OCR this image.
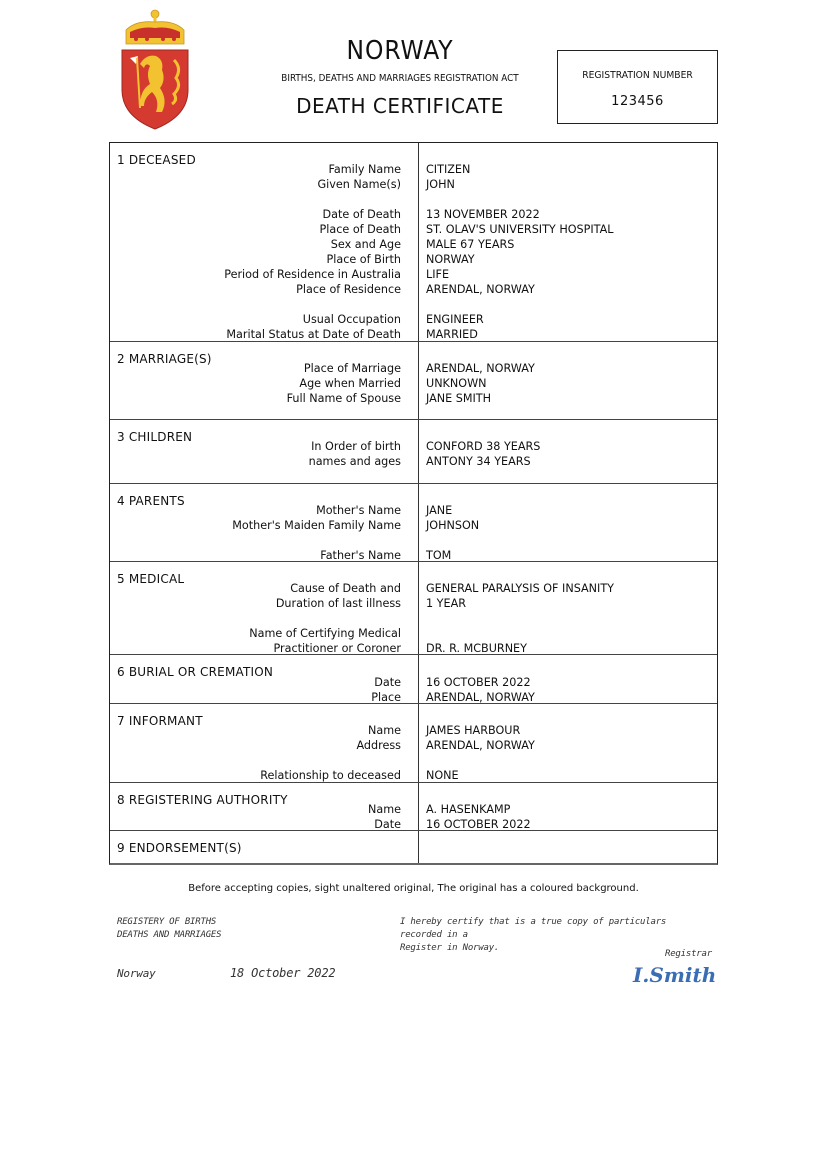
NORWAY
BIRTHS, DEATHS AND MARRIAGES REGISTRATION ACT
DEATH CERTIFICATE
REGISTRATION NUMBER
123456
1 DECEASED
Family Name	CITIZEN
Given Name(s)	JOHN
Date of Death	13 NOVEMBER 2022
Place of Death	ST. OLAV'S UNIVERSITY HOSPITAL
Sex and Age	MALE 67 YEARS
Place of Birth	NORWAY
Period of Residence in Australia	LIFE
Place of Residence	ARENDAL, NORWAY
Usual Occupation	ENGINEER
Marital Status at Date of Death	MARRIED
2 MARRIAGE(S)
Place of Marriage	ARENDAL, NORWAY
Age when Married	UNKNOWN
Full Name of Spouse	JANE SMITH
3 CHILDREN
In Order of birth	CONFORD 38 YEARS
names and ages	ANTONY 34 YEARS
4 PARENTS
Mother's Name	JANE
Mother's Maiden Family Name	JOHNSON
Father's Name	TOM
5 MEDICAL
Cause of Death and	GENERAL PARALYSIS OF INSANITY
Duration of last illness	1 YEAR
Name of Certifying Medical
Practitioner or Coroner	DR. R. MCBURNEY
6 BURIAL OR CREMATION
Date	16 OCTOBER 2022
Place	ARENDAL, NORWAY
7 INFORMANT
Name	JAMES HARBOUR
Address	ARENDAL, NORWAY
Relationship to deceased	NONE
8 REGISTERING AUTHORITY
Name	A. HASENKAMP
Date	16 OCTOBER 2022
9 ENDORSEMENT(S)
Before accepting copies, sight unaltered original, The original has a coloured background.
REGISTERY OF BIRTHS
DEATHS AND MARRIAGES
I hereby certify that is a true copy of particulars recorded in a
Register in Norway.
Registrar
Norway	18 October 2022	I.Smith
